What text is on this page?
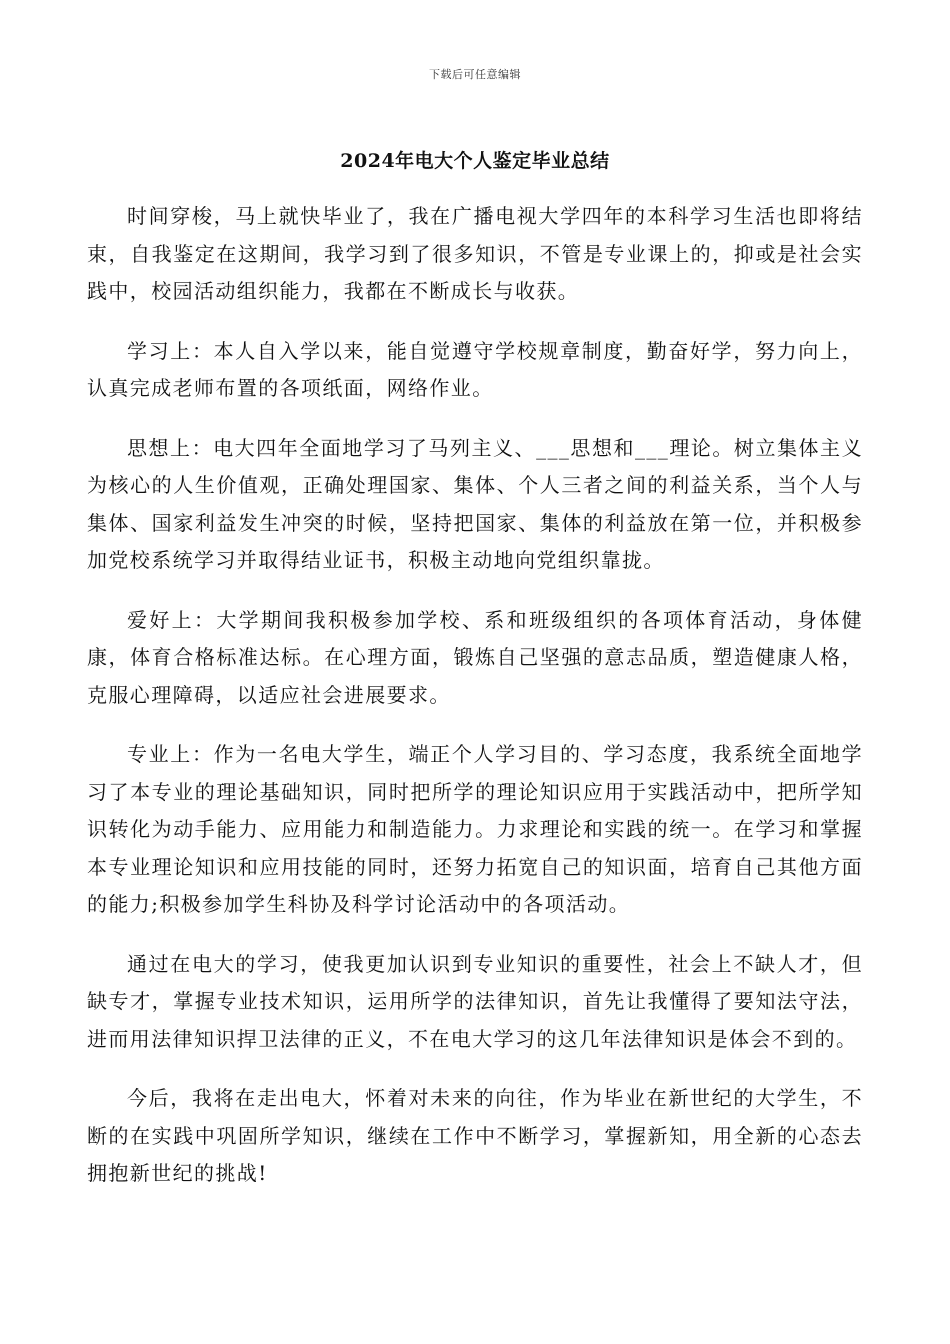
下载后可任意编辑
2024年电大个人鉴定毕业总结

时间穿梭，马上就快毕业了，我在广播电视大学四年的本科学习生活也即将结束，自我鉴定在这期间，我学习到了很多知识，不管是专业课上的，抑或是社会实践中，校园活动组织能力，我都在不断成长与收获。

学习上：本人自入学以来，能自觉遵守学校规章制度，勤奋好学，努力向上，认真完成老师布置的各项纸面，网络作业。

思想上：电大四年全面地学习了马列主义、___思想和___理论。树立集体主义为核心的人生价值观，正确处理国家、集体、个人三者之间的利益关系，当个人与集体、国家利益发生冲突的时候，坚持把国家、集体的利益放在第一位，并积极参加党校系统学习并取得结业证书，积极主动地向党组织靠拢。

爱好上：大学期间我积极参加学校、系和班级组织的各项体育活动，身体健康，体育合格标准达标。在心理方面，锻炼自己坚强的意志品质，塑造健康人格，克服心理障碍，以适应社会进展要求。

专业上：作为一名电大学生，端正个人学习目的、学习态度，我系统全面地学习了本专业的理论基础知识，同时把所学的理论知识应用于实践活动中，把所学知识转化为动手能力、应用能力和制造能力。力求理论和实践的统一。在学习和掌握本专业理论知识和应用技能的同时，还努力拓宽自己的知识面，培育自己其他方面的能力;积极参加学生科协及科学讨论活动中的各项活动。

通过在电大的学习，使我更加认识到专业知识的重要性，社会上不缺人才，但缺专才，掌握专业技术知识，运用所学的法律知识，首先让我懂得了要知法守法，进而用法律知识捍卫法律的正义，不在电大学习的这几年法律知识是体会不到的。

今后，我将在走出电大，怀着对未来的向往，作为毕业在新世纪的大学生，不断的在实践中巩固所学知识，继续在工作中不断学习，掌握新知，用全新的心态去拥抱新世纪的挑战!
